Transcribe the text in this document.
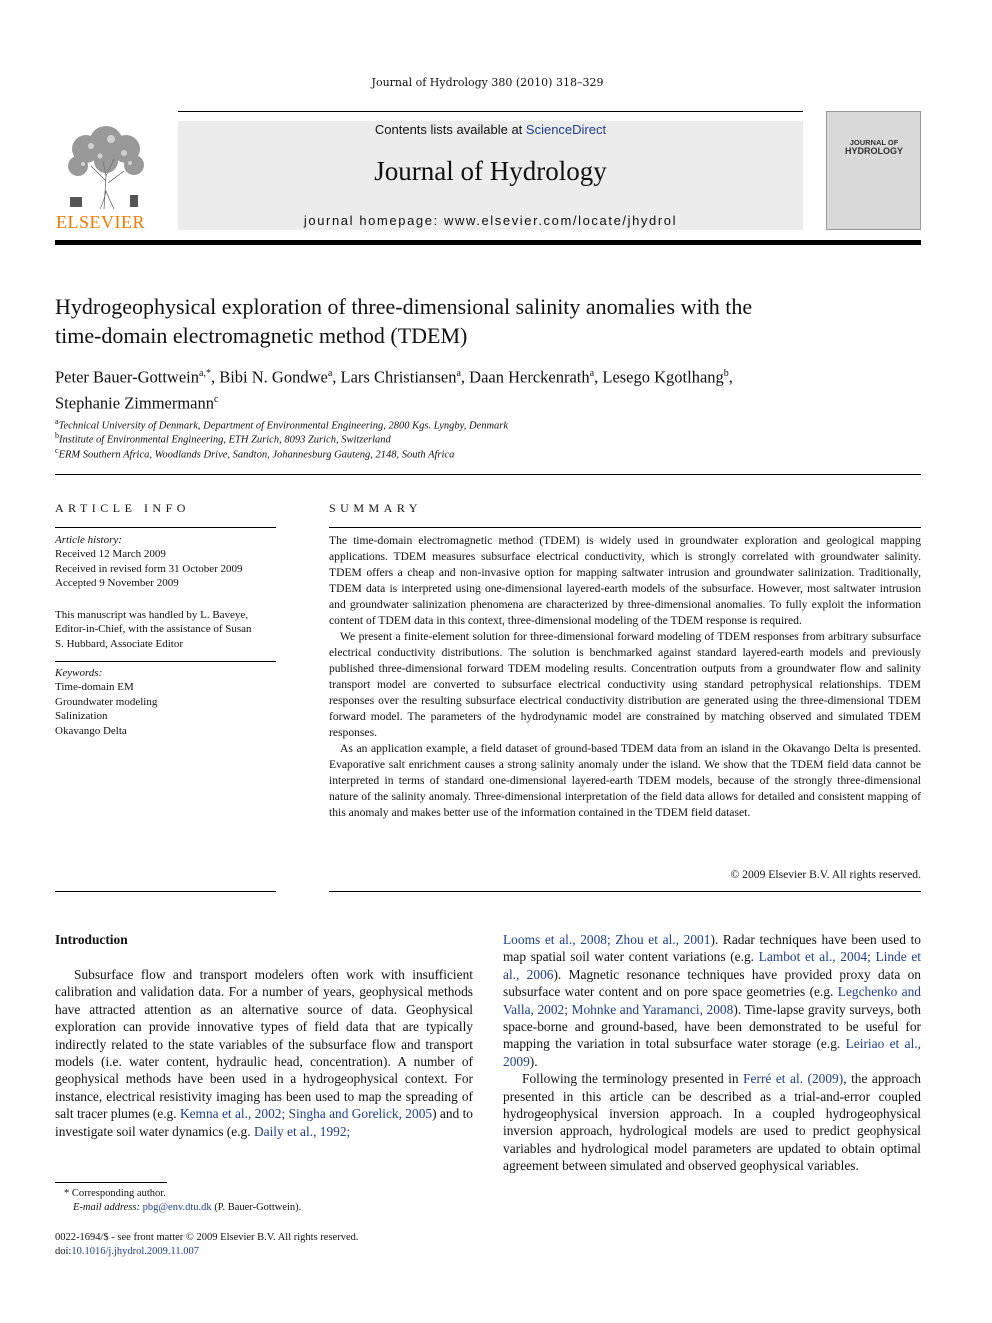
Journal of Hydrology 380 (2010) 318–329
ELSEVIER
Contents lists available at ScienceDirect
Journal of Hydrology
journal homepage: www.elsevier.com/locate/jhydrol
JOURNAL OF
HYDROLOGY
Hydrogeophysical exploration of three-dimensional salinity anomalies with the
time-domain electromagnetic method (TDEM)
Peter Bauer-Gottwein$^{a,*}$, Bibi N. Gondwe$^a$, Lars Christiansen$^a$, Daan Herckenrath$^a$, Lesego Kgotlhang$^b$,
Stephanie Zimmermann$^c$
$^a$Technical University of Denmark, Department of Environmental Engineering, 2800 Kgs. Lyngby, Denmark
$^b$Institute of Environmental Engineering, ETH Zurich, 8093 Zurich, Switzerland
$^c$ERM Southern Africa, Woodlands Drive, Sandton, Johannesburg Gauteng, 2148, South Africa
ARTICLE INFO
Article history:
Received 12 March 2009
Received in revised form 31 October 2009
Accepted 9 November 2009
This manuscript was handled by L. Baveye,
Editor-in-Chief, with the assistance of Susan
S. Hubbard, Associate Editor
Keywords:
Time-domain EM
Groundwater modeling
Salinization
Okavango Delta
SUMMARY

The time-domain electromagnetic method (TDEM) is widely used in groundwater exploration and geological mapping applications. TDEM measures subsurface electrical conductivity, which is strongly correlated with groundwater salinity. TDEM offers a cheap and non-invasive option for mapping saltwater intrusion and groundwater salinization. Traditionally, TDEM data is interpreted using one-dimensional layered-earth models of the subsurface. However, most saltwater intrusion and groundwater salinization phenomena are characterized by three-dimensional anomalies. To fully exploit the information content of TDEM data in this context, three-dimensional modeling of the TDEM response is required.

We present a finite-element solution for three-dimensional forward modeling of TDEM responses from arbitrary subsurface electrical conductivity distributions. The solution is benchmarked against standard layered-earth models and previously published three-dimensional forward TDEM modeling results. Concentration outputs from a groundwater flow and salinity transport model are converted to subsurface electrical conductivity using standard petrophysical relationships. TDEM responses over the resulting subsurface electrical conductivity distribution are generated using the three-dimensional TDEM forward model. The parameters of the hydrodynamic model are constrained by matching observed and simulated TDEM responses.

As an application example, a field dataset of ground-based TDEM data from an island in the Okavango Delta is presented. Evaporative salt enrichment causes a strong salinity anomaly under the island. We show that the TDEM field data cannot be interpreted in terms of standard one-dimensional layered-earth TDEM models, because of the strongly three-dimensional nature of the salinity anomaly. Three-dimensional interpretation of the field data allows for detailed and consistent mapping of this anomaly and makes better use of the information contained in the TDEM field dataset.

© 2009 Elsevier B.V. All rights reserved.
Introduction

Subsurface flow and transport modelers often work with insufficient calibration and validation data. For a number of years, geophysical methods have attracted attention as an alternative source of data. Geophysical exploration can provide innovative types of field data that are typically indirectly related to the state variables of the subsurface flow and transport models (i.e. water content, hydraulic head, concentration). A number of geophysical methods have been used in a hydrogeophysical context. For instance, electrical resistivity imaging has been used to map the spreading of salt tracer plumes (e.g. Kemna et al., 2002; Singha and Gorelick, 2005) and to investigate soil water dynamics (e.g. Daily et al., 1992;

Looms et al., 2008; Zhou et al., 2001). Radar techniques have been used to map spatial soil water content variations (e.g. Lambot et al., 2004; Linde et al., 2006). Magnetic resonance techniques have provided proxy data on subsurface water content and on pore space geometries (e.g. Legchenko and Valla, 2002; Mohnke and Yaramanci, 2008). Time-lapse gravity surveys, both space-borne and ground-based, have been demonstrated to be useful for mapping the variation in total subsurface water storage (e.g. Leiriao et al., 2009).

Following the terminology presented in Ferré et al. (2009), the approach presented in this article can be described as a trial-and-error coupled hydrogeophysical inversion approach. In a coupled hydrogeophysical inversion approach, hydrological models are used to predict geophysical variables and hydrological model parameters are updated to obtain optimal agreement between simulated and observed geophysical variables.

* Corresponding author.
E-mail address: pbg@env.dtu.dk (P. Bauer-Gottwein).
0022-1694/$ - see front matter © 2009 Elsevier B.V. All rights reserved.
doi:10.1016/j.jhydrol.2009.11.007
